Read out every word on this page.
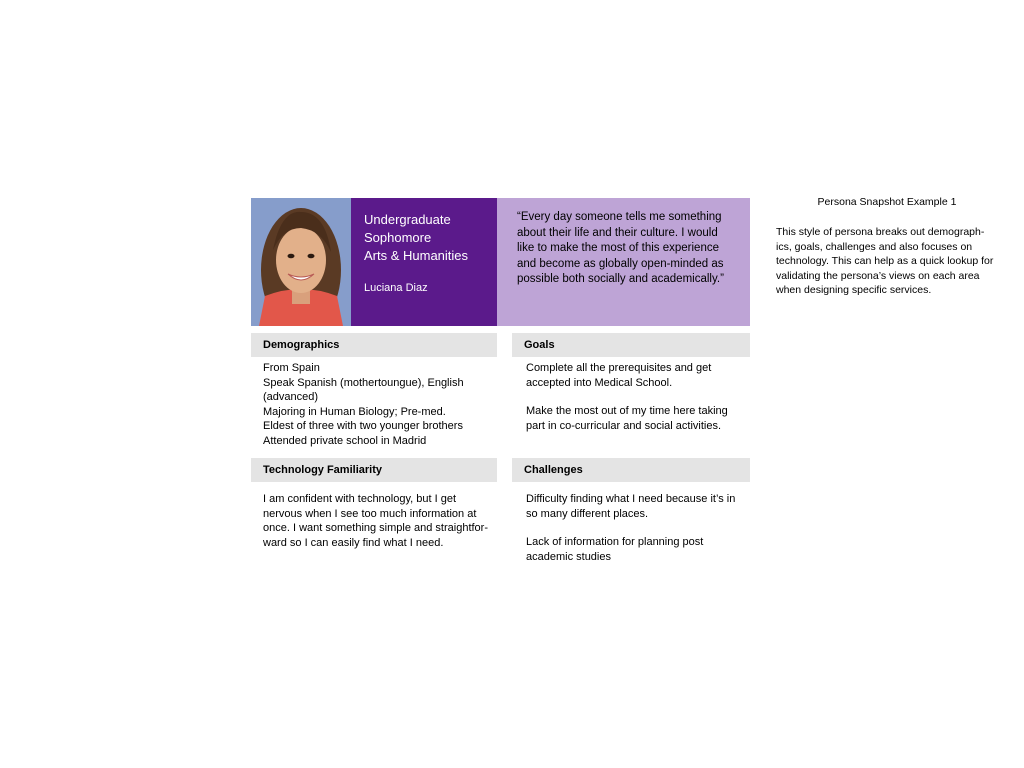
Undergraduate
Sophomore
Arts & Humanities
Luciana Diaz
“Every day someone tells me something about their life and their culture. I would like to make the most of this experience and become as globally open-minded as possible both socially and academically.”
Demographics
From Spain
Speak Spanish (mothertoungue), English (advanced)
Majoring in Human Biology; Pre-med.
Eldest of three with two younger brothers
Attended private school in Madrid
Goals
Complete all the prerequisites and get accepted into Medical School.
Make the most out of my time here taking part in co-curricular and social activities.
Technology Familiarity
I am confident with technology, but I get nervous when I see too much information at once. I want something simple and straightfor-ward so I can easily find what I need.
Challenges
Difficulty finding what I need because it’s in so many different places.
Lack of information for planning post academic studies
Persona Snapshot Example 1
This style of persona breaks out demograph-ics, goals, challenges and also focuses on technology. This can help as a quick lookup for validating the persona’s views on each area when designing specific services.
